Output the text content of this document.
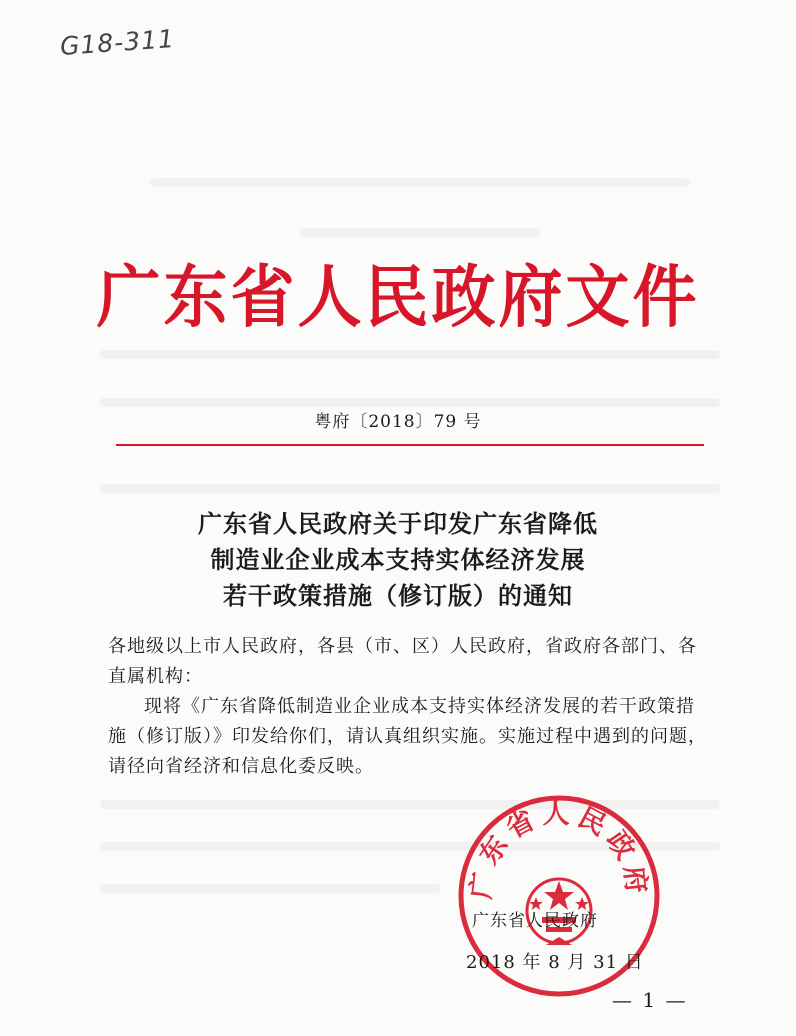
G18-311
广东省人民政府文件
粤府〔2018〕79 号
广东省人民政府关于印发广东省降低
制造业企业成本支持实体经济发展
若干政策措施（修订版）的通知
各地级以上市人民政府，各县（市、区）人民政府，省政府各部门、各直属机构：
现将《广东省降低制造业企业成本支持实体经济发展的若干政策措施（修订版）》印发给你们，请认真组织实施。实施过程中遇到的问题，请径向省经济和信息化委反映。
广东省人民政府
广东省人民政府
2018 年 8 月 31 日
— 1 —
